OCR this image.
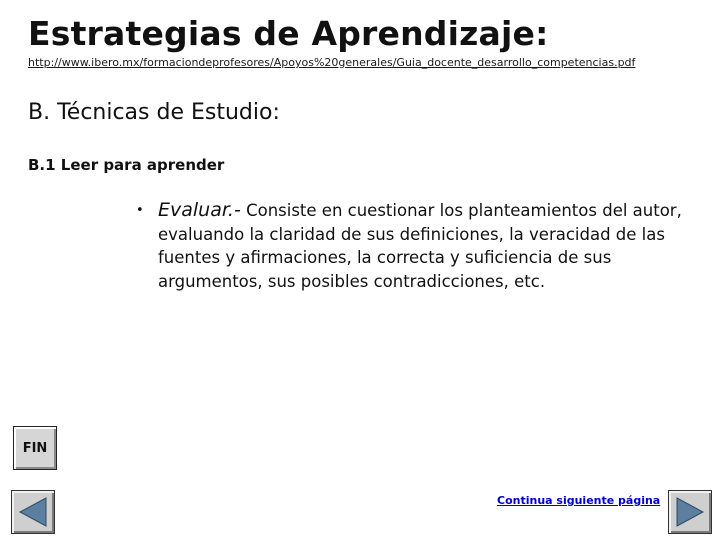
Estrategias de Aprendizaje:
http://www.ibero.mx/formaciondeprofesores/Apoyos%20generales/Guia_docente_desarrollo_competencias.pdf
B. Técnicas de Estudio:
B.1 Leer para aprender
• Evaluar.- Consiste en cuestionar los planteamientos del autor, evaluando la claridad de sus definiciones, la veracidad de las fuentes y afirmaciones, la correcta y suficiencia de sus argumentos, sus posibles contradicciones, etc.
FIN
Continua siguiente página
